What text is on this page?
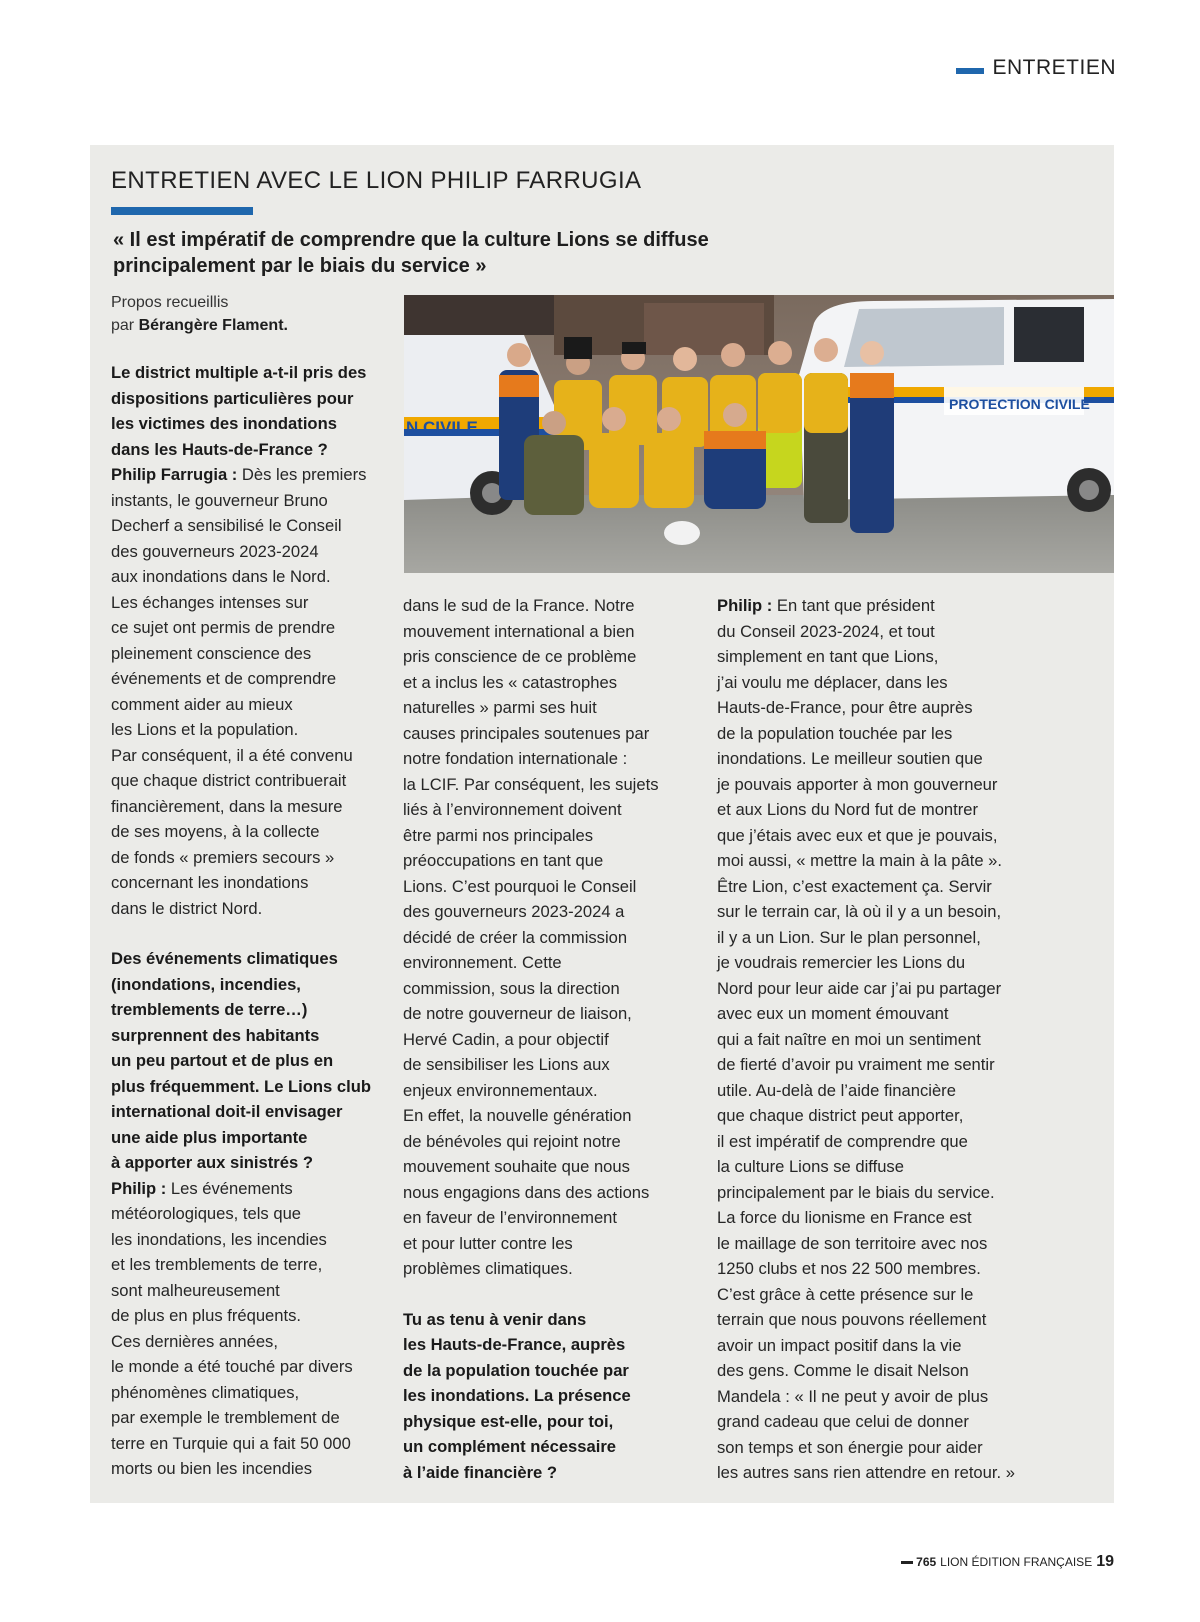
ENTRETIEN
ENTRETIEN AVEC LE LION PHILIP FARRUGIA
« Il est impératif de comprendre que la culture Lions se diffuse
principalement par le biais du service »
Propos recueillis
par Bérangère Flament.
Le district multiple a-t-il pris des
dispositions particulières pour
les victimes des inondations
dans les Hauts-de-France ?
Philip Farrugia : Dès les premiers
instants, le gouverneur Bruno
Decherf a sensibilisé le Conseil
des gouverneurs 2023-2024
aux inondations dans le Nord.
Les échanges intenses sur
ce sujet ont permis de prendre
pleinement conscience des
événements et de comprendre
comment aider au mieux
les Lions et la population.
Par conséquent, il a été convenu
que chaque district contribuerait
financièrement, dans la mesure
de ses moyens, à la collecte
de fonds « premiers secours »
concernant les inondations
dans le district Nord.
Des événements climatiques
(inondations, incendies,
tremblements de terre…)
surprennent des habitants
un peu partout et de plus en
plus fréquemment. Le Lions club
international doit-il envisager
une aide plus importante
à apporter aux sinistrés ?
Philip : Les événements
météorologiques, tels que
les inondations, les incendies
et les tremblements de terre,
sont malheureusement
de plus en plus fréquents.
Ces dernières années,
le monde a été touché par divers
phénomènes climatiques,
par exemple le tremblement de
terre en Turquie qui a fait 50 000
morts ou bien les incendies
dans le sud de la France. Notre
mouvement international a bien
pris conscience de ce problème
et a inclus les « catastrophes
naturelles » parmi ses huit
causes principales soutenues par
notre fondation internationale :
la LCIF. Par conséquent, les sujets
liés à l’environnement doivent
être parmi nos principales
préoccupations en tant que
Lions. C’est pourquoi le Conseil
des gouverneurs 2023-2024 a
décidé de créer la commission
environnement. Cette
commission, sous la direction
de notre gouverneur de liaison,
Hervé Cadin, a pour objectif
de sensibiliser les Lions aux
enjeux environnementaux.
En effet, la nouvelle génération
de bénévoles qui rejoint notre
mouvement souhaite que nous
nous engagions dans des actions
en faveur de l’environnement
et pour lutter contre les
problèmes climatiques.
Tu as tenu à venir dans
les Hauts-de-France, auprès
de la population touchée par
les inondations. La présence
physique est-elle, pour toi,
un complément nécessaire
à l’aide financière ?
Philip : En tant que président
du Conseil 2023-2024, et tout
simplement en tant que Lions,
j’ai voulu me déplacer, dans les
Hauts-de-France, pour être auprès
de la population touchée par les
inondations. Le meilleur soutien que
je pouvais apporter à mon gouverneur
et aux Lions du Nord fut de montrer
que j’étais avec eux et que je pouvais,
moi aussi, « mettre la main à la pâte ».
Être Lion, c’est exactement ça. Servir
sur le terrain car, là où il y a un besoin,
il y a un Lion. Sur le plan personnel,
je voudrais remercier les Lions du
Nord pour leur aide car j’ai pu partager
avec eux un moment émouvant
qui a fait naître en moi un sentiment
de fierté d’avoir pu vraiment me sentir
utile. Au-delà de l’aide financière
que chaque district peut apporter,
il est impératif de comprendre que
la culture Lions se diffuse
principalement par le biais du service.
La force du lionisme en France est
le maillage de son territoire avec nos
1250 clubs et nos 22 500 membres.
C’est grâce à cette présence sur le
terrain que nous pouvons réellement
avoir un impact positif dans la vie
des gens. Comme le disait Nelson
Mandela : « Il ne peut y avoir de plus
grand cadeau que celui de donner
son temps et son énergie pour aider
les autres sans rien attendre en retour. »
N CIVILE
PROTECTION CIVILE
765 LION ÉDITION FRANÇAISE 19
